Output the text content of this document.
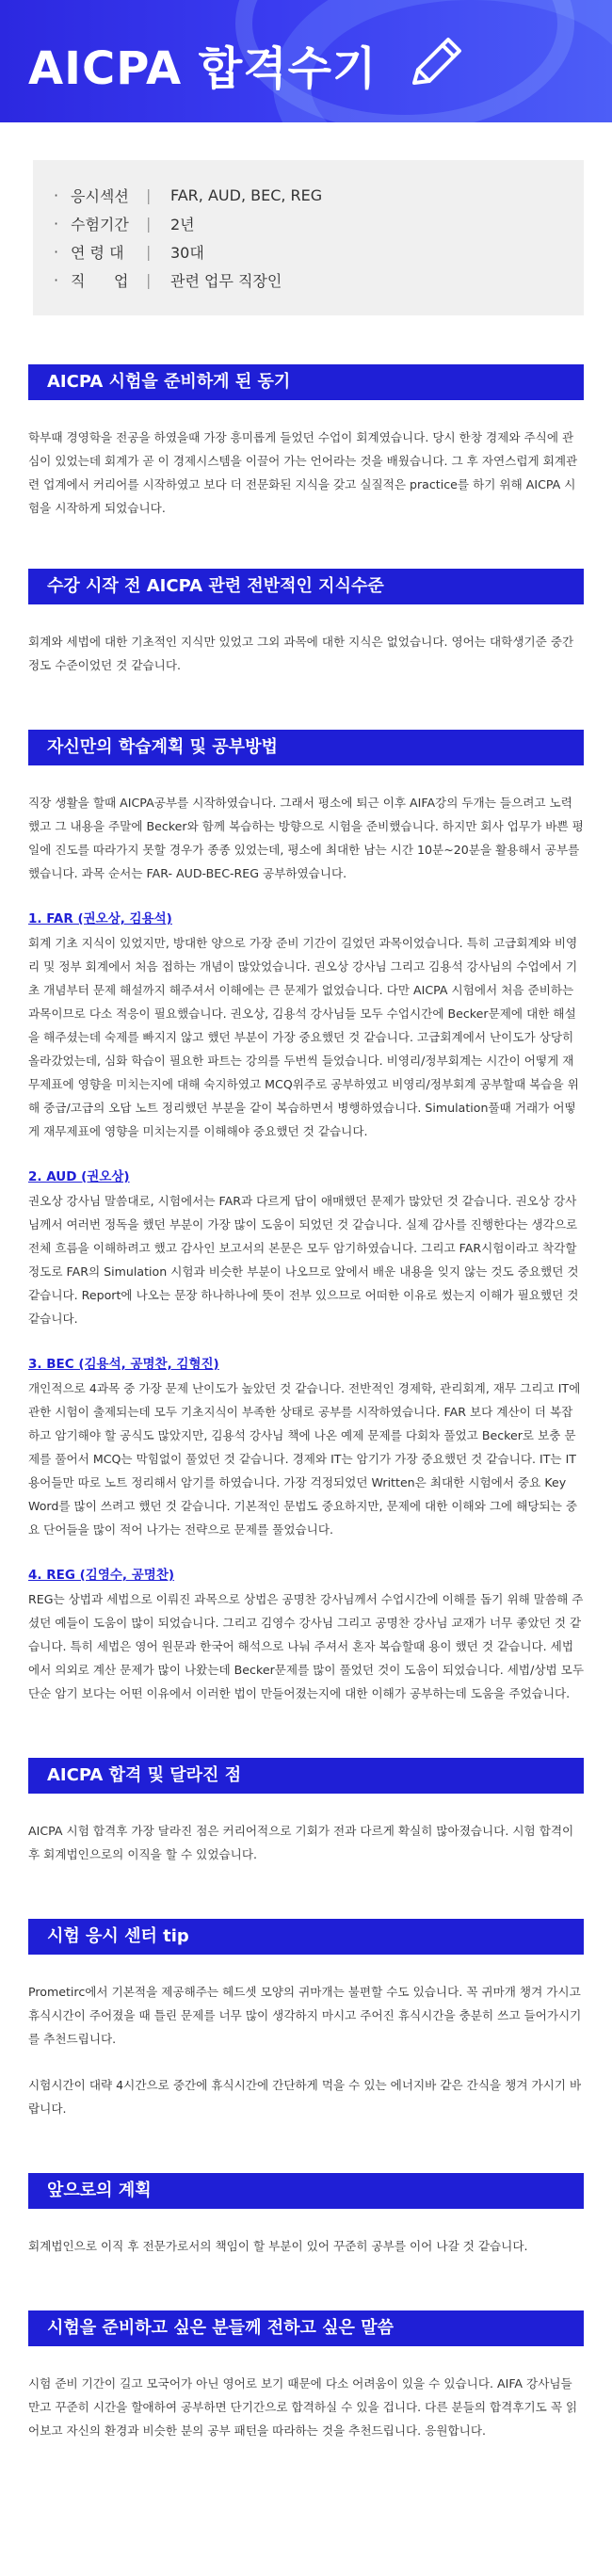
AICPA 합격수기
· 응시섹션	|	FAR, AUD, BEC, REG
· 수험기간	|	2년
· 연 령 대	|	30대
· 직      업	|	관련 업무 직장인
AICPA 시험을 준비하게 된 동기
학부때 경영학을 전공을 하였을때 가장 흥미롭게 들었던 수업이 회계였습니다. 당시 한창 경제와 주식에 관심이 있었는데 회계가 곧 이 경제시스템을 이끌어 가는 언어라는 것을 배웠습니다. 그 후 자연스럽게 회계관련 업계에서 커리어를 시작하였고 보다 더 전문화된 지식을 갖고 실질적은 practice를 하기 위해 AICPA 시험을 시작하게 되었습니다.
수강 시작 전 AICPA 관련 전반적인 지식수준
회계와 세법에 대한 기초적인 지식만 있었고 그외 과목에 대한 지식은 없었습니다. 영어는 대학생기준 중간정도 수준이었던 것 같습니다.
자신만의 학습계획 및 공부방법
직장 생활을 할때 AICPA공부를 시작하였습니다. 그래서 평소에 퇴근 이후 AIFA강의 두개는 들으려고 노력했고 그 내용을 주말에 Becker와 함께 복습하는 방향으로 시험을 준비했습니다. 하지만 회사 업무가 바쁜 평일에 진도를 따라가지 못할 경우가 종종 있었는데, 평소에 최대한 남는 시간 10분~20분을 활용해서 공부를 했습니다. 과목 순서는 FAR- AUD-BEC-REG 공부하였습니다.
1. FAR (권오상, 김용석)
회계 기초 지식이 있었지만, 방대한 양으로 가장 준비 기간이 길었던 과목이었습니다. 특히 고급회계와 비영리 및 정부 회계에서 처음 접하는 개념이 많았었습니다. 권오상 강사님 그리고 김용석 강사님의 수업에서 기초 개념부터 문제 해설까지 해주셔서 이해에는 큰 문제가 없었습니다. 다만 AICPA 시험에서 처음 준비하는 과목이므로 다소 적응이 필요했습니다. 권오상, 김용석 강사님들 모두 수업시간에 Becker문제에 대한 해설을 해주셨는데 숙제를 빠지지 않고 했던 부분이 가장 중요했던 것 같습니다. 고급회계에서 난이도가 상당히 올라갔었는데, 심화 학습이 필요한 파트는 강의를 두번씩 들었습니다. 비영리/정부회계는 시간이 어떻게 재무제표에 영향을 미치는지에 대해 숙지하였고 MCQ위주로 공부하였고 비영리/정부회계 공부할때 복습을 위해 중급/고급의 오답 노트 정리했던 부분을 같이 복습하면서 병행하였습니다. Simulation풀때 거래가 어떻게 재무제표에 영향을 미치는지를 이해해야 중요했던 것 같습니다.
2. AUD (권오상)
권오상 강사님 말씀대로, 시험에서는 FAR과 다르게 답이 애매했던 문제가 많았던 것 같습니다. 권오상 강사님께서 여러번 정독을 했던 부분이 가장 많이 도움이 되었던 것 같습니다. 실제 감사를 진행한다는 생각으로 전체 흐름을 이해하려고 했고 감사인 보고서의 본문은 모두 암기하였습니다. 그리고 FAR시험이라고 착각할 정도로 FAR의 Simulation 시험과 비슷한 부분이 나오므로 앞에서 배운 내용을 잊지 않는 것도 중요했던 것 같습니다. Report에 나오는 문장 하나하나에 뜻이 전부 있으므로 어떠한 이유로 썼는지 이해가 필요했던 것 같습니다.
3. BEC (김용석, 공명찬, 김형진)
개인적으로 4과목 중 가장 문제 난이도가 높았던 것 같습니다. 전반적인 경제학, 관리회계, 재무 그리고 IT에 관한 시험이 출제되는데 모두 기초지식이 부족한 상태로 공부를 시작하였습니다. FAR 보다 계산이 더 복잡하고 암기해야 할 공식도 많았지만, 김용석 강사님 책에 나온 예제 문제를 다회차 풀었고 Becker로 보충 문제를 풀어서 MCQ는 막힘없이 풀었던 것 같습니다. 경제와 IT는 암기가 가장 중요했던 것 같습니다. IT는 IT용어들만 따로 노트 정리해서 암기를 하였습니다. 가장 걱정되었던 Written은 최대한 시험에서 중요 Key Word를 많이 쓰려고 했던 것 같습니다. 기본적인 문법도 중요하지만, 문제에 대한 이해와 그에 해당되는 중요 단어들을 많이 적어 나가는 전략으로 문제를 풀었습니다.
4. REG (김영수, 공명찬)
REG는 상법과 세법으로 이뤄진 과목으로 상법은 공명찬 강사님께서 수업시간에 이해를 돕기 위해 말씀해 주셨던 예들이 도움이 많이 되었습니다. 그리고 김영수 강사님 그리고 공명찬 강사님 교재가 너무 좋았던 것 같습니다. 특히 세법은 영어 원문과 한국어 해석으로 나눠 주셔서 혼자 복습할때 용이 했던 것 같습니다. 세법에서 의외로 계산 문제가 많이 나왔는데 Becker문제를 많이 풀었던 것이 도움이 되었습니다. 세법/상법 모두 단순 암기 보다는 어떤 이유에서 이러한 법이 만들어졌는지에 대한 이해가 공부하는데 도움을 주었습니다.
AICPA 합격 및 달라진 점
AICPA 시험 합격후 가장 달라진 점은 커리어적으로 기회가 전과 다르게 확실히 많아졌습니다. 시험 합격이후 회계법인으로의 이직을 할 수 있었습니다.
시험 응시 센터 tip
Prometirc에서 기본적을 제공해주는 헤드셋 모양의 귀마개는 불편할 수도 있습니다. 꼭 귀마개 챙겨 가시고 휴식시간이 주어졌을 때 틀린 문제를 너무 많이 생각하지 마시고 주어진 휴식시간을 충분히 쓰고 들어가시기를 추천드립니다.
시험시간이 대략 4시간으로 중간에 휴식시간에 간단하게 먹을 수 있는 에너지바 같은 간식을 챙겨 가시기 바랍니다.
앞으로의 계획
회계법인으로 이직 후 전문가로서의 책임이 할 부분이 있어 꾸준히 공부를 이어 나갈 것 같습니다.
시험을 준비하고 싶은 분들께 전하고 싶은 말씀
시험 준비 기간이 길고 모국어가 아닌 영어로 보기 때문에 다소 어려움이 있을 수 있습니다. AIFA 강사님들 만고 꾸준히 시간을 할애하여 공부하면 단기간으로 합격하실 수 있을 겁니다. 다른 분들의 합격후기도 꼭 읽어보고 자신의 환경과 비슷한 분의 공부 패턴을 따라하는 것을 추천드립니다. 응원합니다.
